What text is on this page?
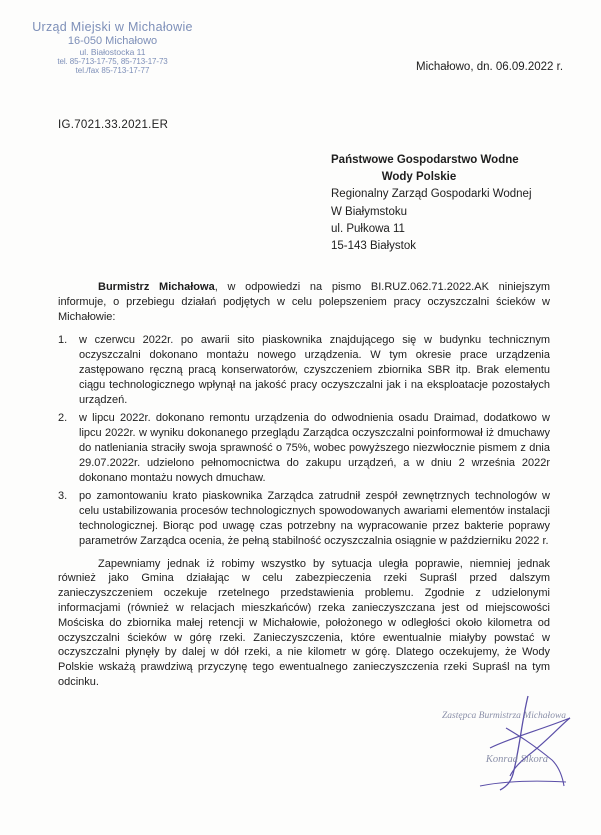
Urząd Miejski w Michałowie
16-050 Michałowo
ul. Białostocka 11
tel. 85-713-17-75, 85-713-17-73
tel./fax 85-713-17-77	Michałowo, dn. 06.09.2022 r.
IG.7021.33.2021.ER
Państwowe Gospodarstwo Wodne
Wody Polskie
Regionalny Zarząd Gospodarki Wodnej
W Białymstoku
ul. Pułkowa 11
15-143 Białystok

Burmistrz Michałowa, w odpowiedzi na pismo BI.RUZ.062.71.2022.AK niniejszym informuje, o przebiegu działań podjętych w celu polepszeniem pracy oczyszczalni ścieków w Michałowie:

1. w czerwcu 2022r. po awarii sito piaskownika znajdującego się w budynku technicznym oczyszczalni dokonano montażu nowego urządzenia. W tym okresie prace urządzenia zastępowano ręczną pracą konserwatorów, czyszczeniem zbiornika SBR itp. Brak elementu ciągu technologicznego wpłynął na jakość pracy oczyszczalni jak i na eksploatacje pozostałych urządzeń.
2. w lipcu 2022r. dokonano remontu urządzenia do odwodnienia osadu Draimad, dodatkowo w lipcu 2022r. w wyniku dokonanego przeglądu Zarządca oczyszczalni poinformował iż dmuchawy do natleniania straciły swoja sprawność o 75%, wobec powyższego niezwłocznie pismem z dnia 29.07.2022r. udzielono pełnomocnictwa do zakupu urządzeń, a w dniu 2 września 2022r dokonano montażu nowych dmuchaw.
3. po zamontowaniu krato piaskownika Zarządca zatrudnił zespół zewnętrznych technologów w celu ustabilizowania procesów technologicznych spowodowanych awariami elementów instalacji technologicznej. Biorąc pod uwagę czas potrzebny na wypracowanie przez bakterie poprawy parametrów Zarządca ocenia, że pełną stabilność oczyszczalnia osiągnie w październiku 2022 r.

Zapewniamy jednak iż robimy wszystko by sytuacja uległa poprawie, niemniej jednak również jako Gmina działając w celu zabezpieczenia rzeki Supraśl przed dalszym zanieczyszczeniem oczekuje rzetelnego przedstawienia problemu. Zgodnie z udzielonymi informacjami (również w relacjach mieszkańców) rzeka zanieczyszczana jest od miejscowości Mościska do zbiornika małej retencji w Michałowie, położonego w odległości około kilometra od oczyszczalni ścieków w górę rzeki. Zanieczyszczenia, które ewentualnie miałyby powstać w oczyszczalni płynęły by dalej w dół rzeki, a nie kilometr w górę. Dlatego oczekujemy, że Wody Polskie wskażą prawdziwą przyczynę tego ewentualnego zanieczyszczenia rzeki Supraśl na tym odcinku.

Zastępca Burmistrza Michałowa
Konrad Sikora
